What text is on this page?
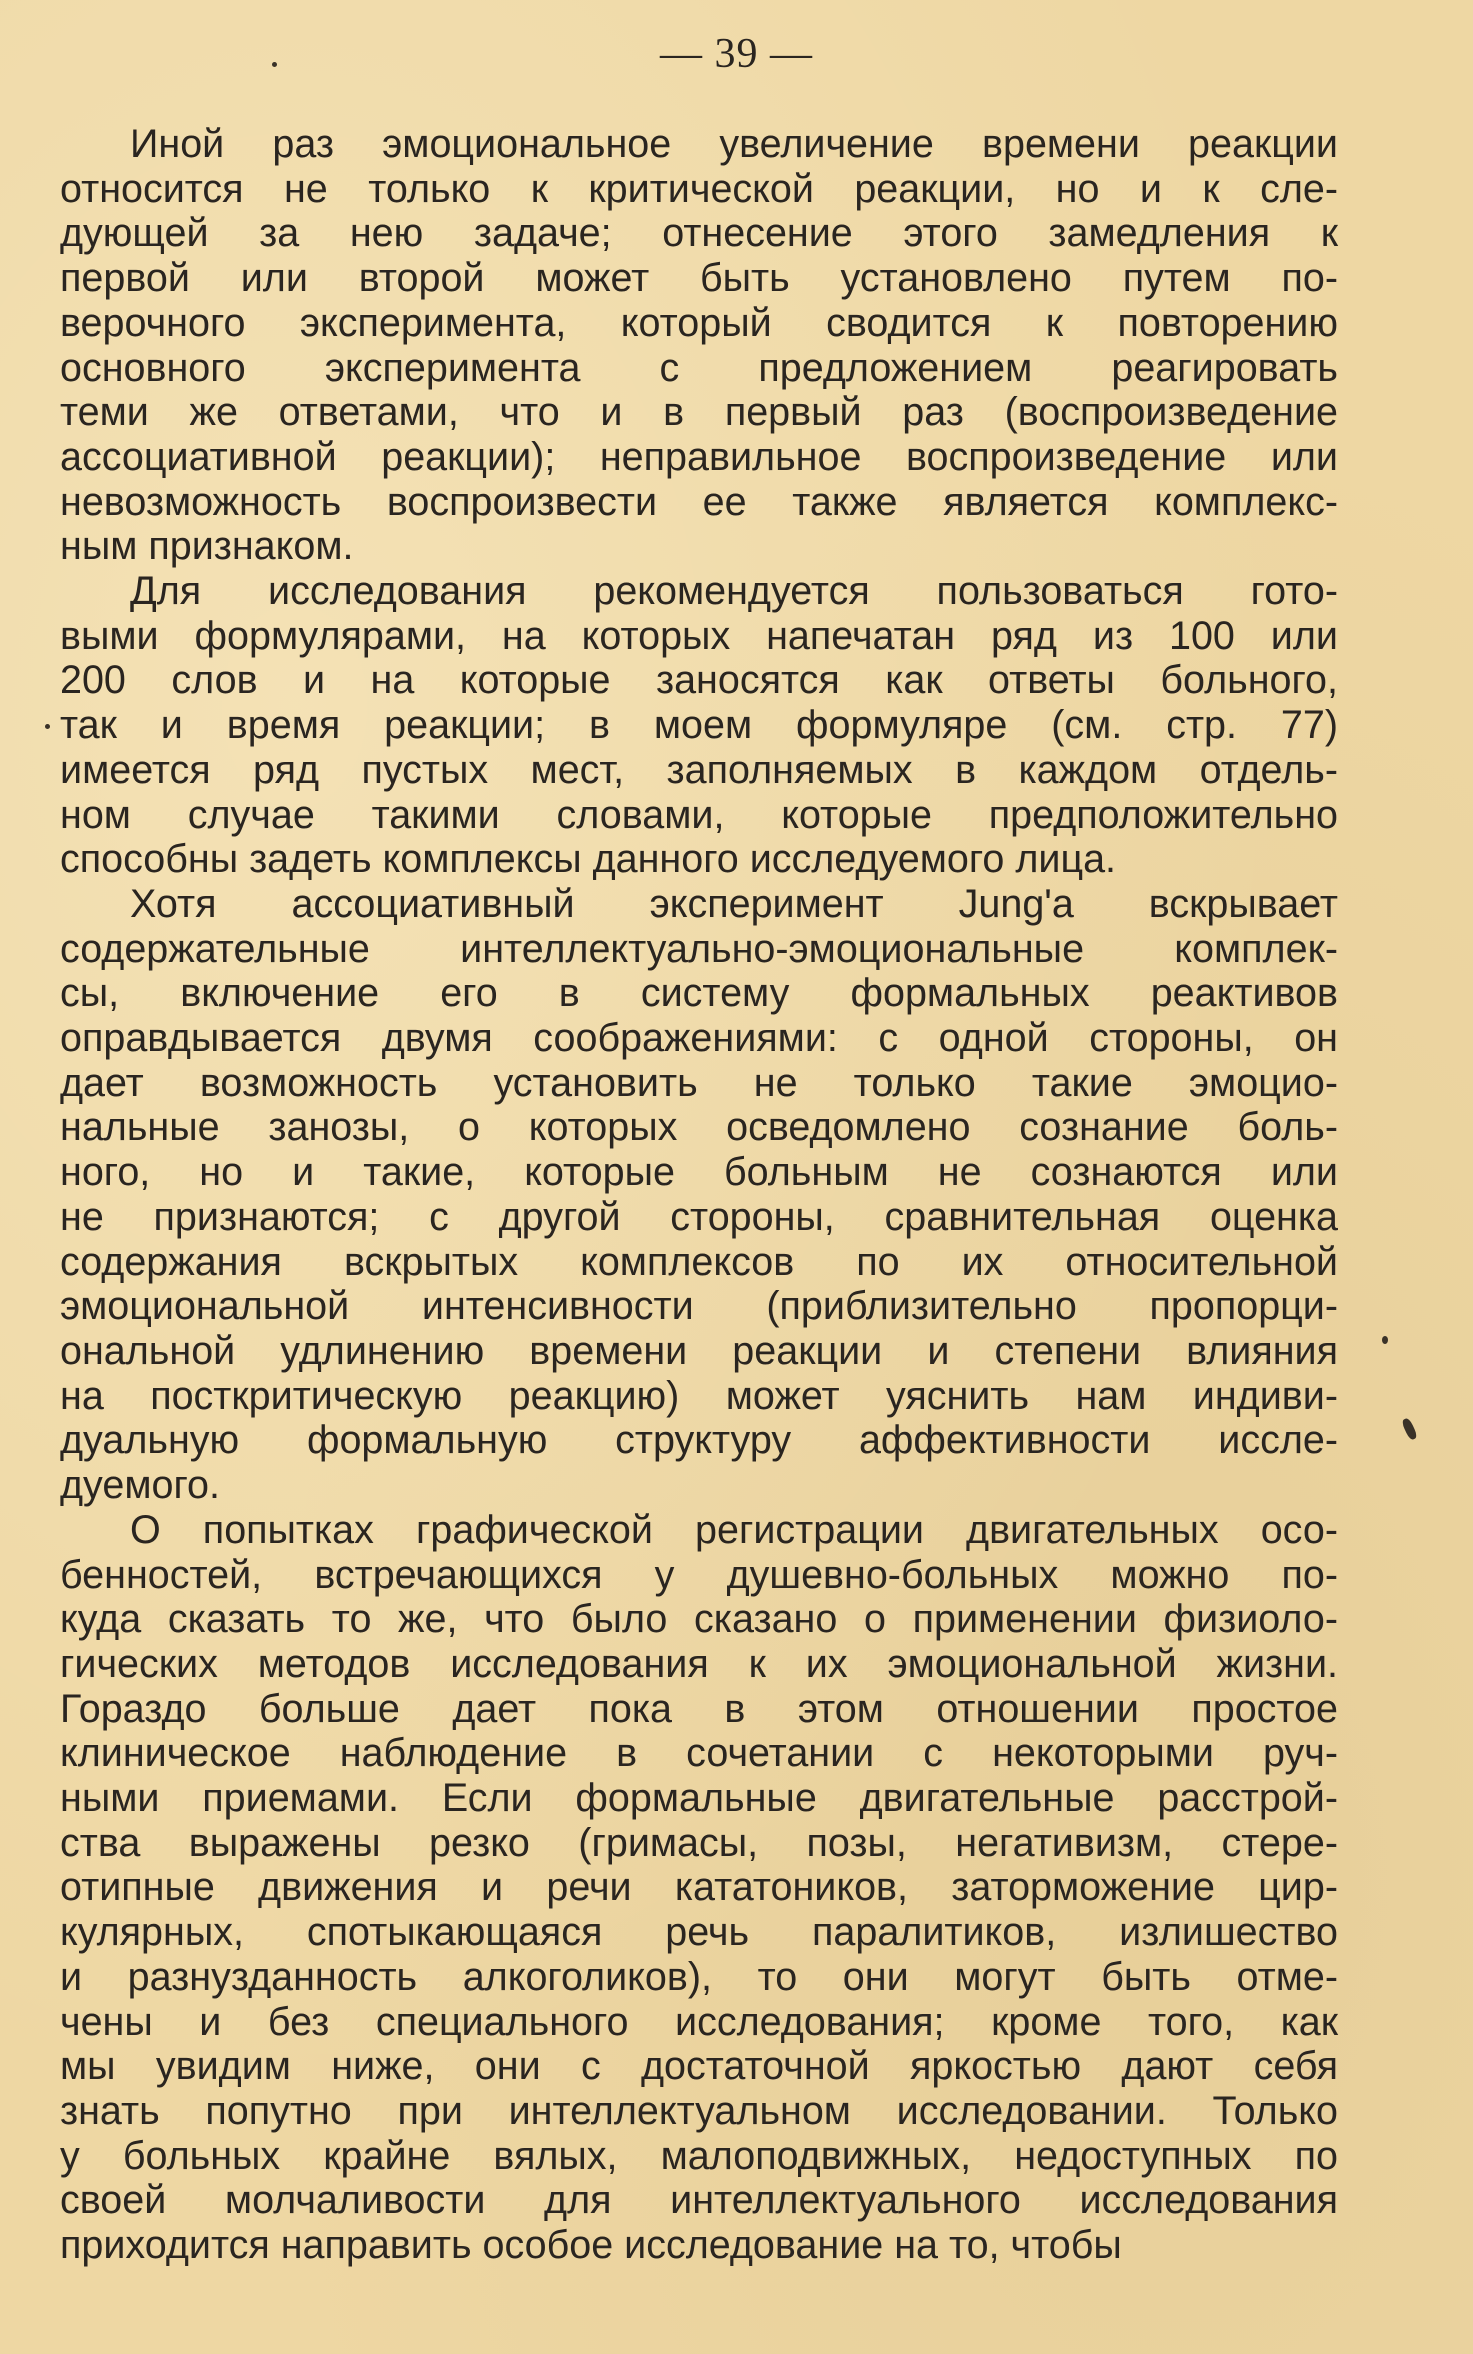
— 39 —

Иной раз эмоциональное увеличение времени реакции
относится не только к критической реакции, но и к сле-
дующей за нею задаче; отнесение этого замедления к
первой или второй может быть установлено путем по-
верочного эксперимента, который сводится к повторению
основного эксперимента с предложением реагировать
теми же ответами, что и в первый раз (воспроизведение
ассоциативной реакции); неправильное воспроизведение или
невозможность воспроизвести ее также является комплекс-
ным признаком.

Для исследования рекомендуется пользоваться гото-
выми формулярами, на которых напечатан ряд из 100 или
200 слов и на которые заносятся как ответы больного,
так и время реакции; в моем формуляре (см. стр. 77)
имеется ряд пустых мест, заполняемых в каждом отдель-
ном случае такими словами, которые предположительно
способны задеть комплексы данного исследуемого лица.

Хотя ассоциативный эксперимент Jung'а вскрывает
содержательные интеллектуально-эмоциональные комплек-
сы, включение его в систему формальных реактивов
оправдывается двумя соображениями: с одной стороны, он
дает возможность установить не только такие эмоцио-
нальные занозы, о которых осведомлено сознание боль-
ного, но и такие, которые больным не сознаются или
не признаются; с другой стороны, сравнительная оценка
содержания вскрытых комплексов по их относительной
эмоциональной интенсивности (приблизительно пропорци-
ональной удлинению времени реакции и степени влияния
на посткритическую реакцию) может уяснить нам индиви-
дуальную формальную структуру аффективности иссле-
дуемого.

О попытках графической регистрации двигательных осо-
бенностей, встречающихся у душевно-больных можно по-
куда сказать то же, что было сказано о применении физиоло-
гических методов исследования к их эмоциональной жизни.
Гораздо больше дает пока в этом отношении простое
клиническое наблюдение в сочетании с некоторыми руч-
ными приемами. Если формальные двигательные расстрой-
ства выражены резко (гримасы, позы, негативизм, стере-
отипные движения и речи кататоников, заторможение цир-
кулярных, спотыкающаяся речь паралитиков, излишество
и разнузданность алкоголиков), то они могут быть отме-
чены и без специального исследования; кроме того, как
мы увидим ниже, они с достаточной яркостью дают себя
знать попутно при интеллектуальном исследовании. Только
у больных крайне вялых, малоподвижных, недоступных по
своей молчаливости для интеллектуального исследования
приходится направить особое исследование на то, чтобы
